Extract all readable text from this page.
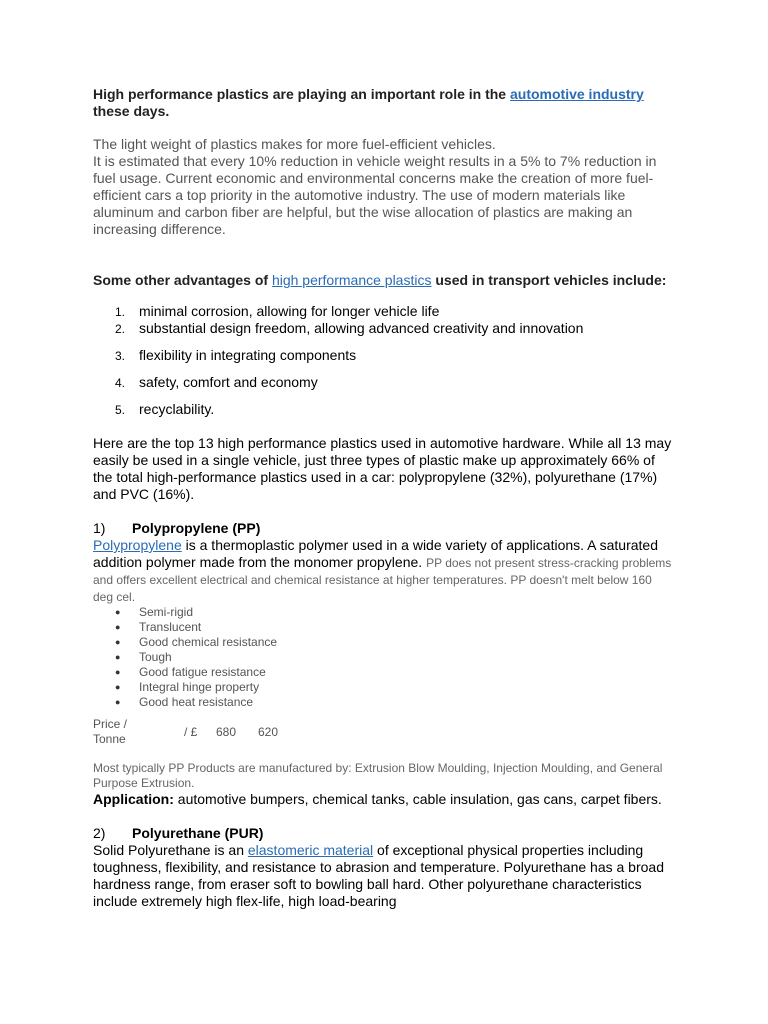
High performance plastics are playing an important role in the automotive industry these days.

The light weight of plastics makes for more fuel-efficient vehicles.

It is estimated that every 10% reduction in vehicle weight results in a 5% to 7% reduction in fuel usage. Current economic and environmental concerns make the creation of more fuel-efficient cars a top priority in the automotive industry. The use of modern materials like aluminum and carbon fiber are helpful, but the wise allocation of plastics are making an increasing difference.

Some other advantages of high performance plastics used in transport vehicles include:

1. minimal corrosion, allowing for longer vehicle life
2. substantial design freedom, allowing advanced creativity and innovation
3. flexibility in integrating components
4. safety, comfort and economy
5. recyclability.

Here are the top 13 high performance plastics used in automotive hardware. While all 13 may easily be used in a single vehicle, just three types of plastic make up approximately 66% of the total high-performance plastics used in a car: polypropylene (32%), polyurethane (17%) and PVC (16%).

1) Polypropylene (PP)

Polypropylene is a thermoplastic polymer used in a wide variety of applications. A saturated addition polymer made from the monomer propylene. PP does not present stress-cracking problems and offers excellent electrical and chemical resistance at higher temperatures. PP doesn't melt below 160 deg cel.

● Semi-rigid
● Translucent
● Good chemical resistance
● Tough
● Good fatigue resistance
● Integral hinge property
● Good heat resistance
Price / Tonne	/ £ 680 620

Most typically PP Products are manufactured by: Extrusion Blow Moulding, Injection Moulding, and General Purpose Extrusion.

Application: automotive bumpers, chemical tanks, cable insulation, gas cans, carpet fibers.

2) Polyurethane (PUR)

Solid Polyurethane is an elastomeric material of exceptional physical properties including toughness, flexibility, and resistance to abrasion and temperature. Polyurethane has a broad hardness range, from eraser soft to bowling ball hard. Other polyurethane characteristics include extremely high flex-life, high load-bearing
